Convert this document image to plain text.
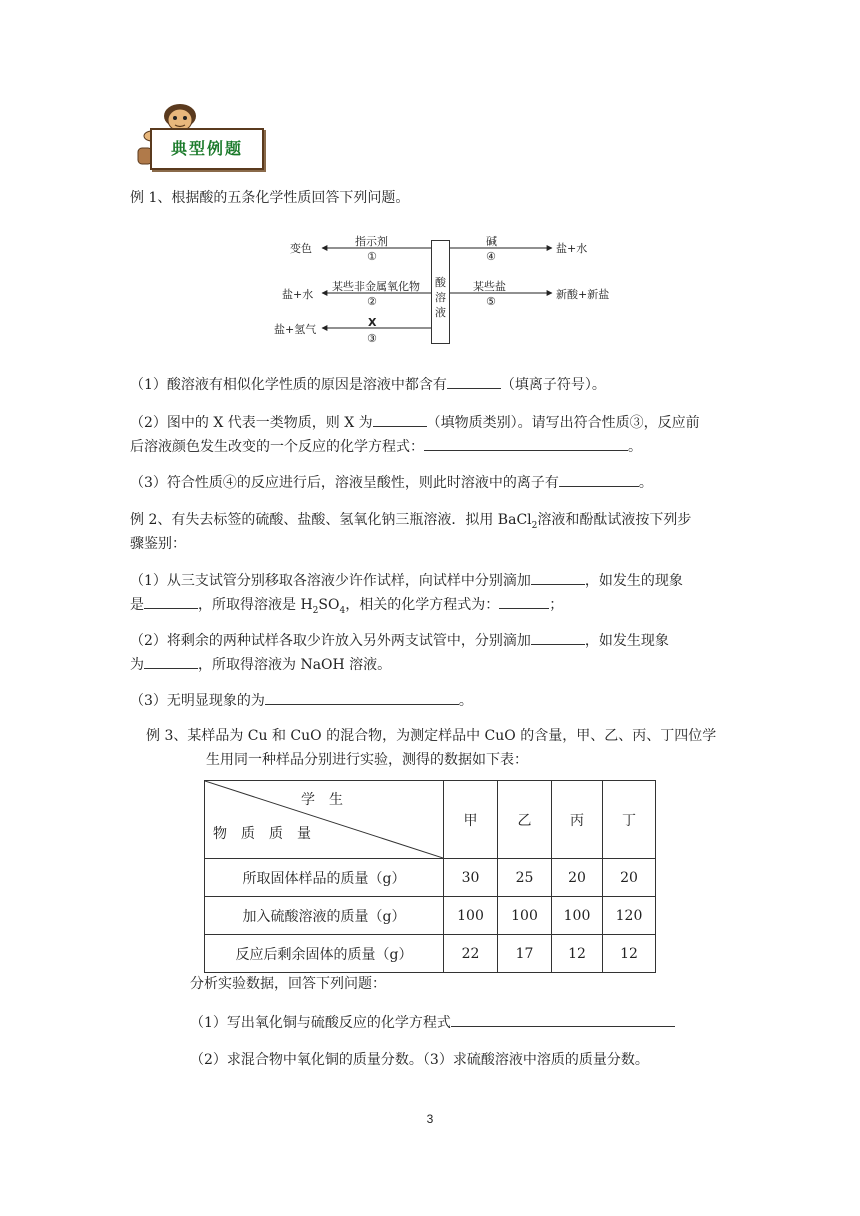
典型例题
例 1、根据酸的五条化学性质回答下列问题。
酸
溶
液
变色
指示剂
①
盐+水
某些非金属氧化物
②
盐+氢气
X
③
碱
④
盐+水
某些盐
⑤
新酸+新盐
（1）酸溶液有相似化学性质的原因是溶液中都含有	（填离子符号）。
（2）图中的 X 代表一类物质，则 X 为	（填物质类别）。请写出符合性质③，反应前
后溶液颜色发生改变的一个反应的化学方程式：	。
（3）符合性质④的反应进行后，溶液呈酸性，则此时溶液中的离子有	。
例 2、有失去标签的硫酸、盐酸、氢氧化钠三瓶溶液．拟用 BaCl$_2$溶液和酚酞试液按下列步
骤鉴别：
（1）从三支试管分别移取各溶液少许作试样，向试样中分别滴加	，如发生的现象
是	，所取得溶液是 $H_2SO_4$，相关的化学方程式为：	；
（2）将剩余的两种试样各取少许放入另外两支试管中，分别滴加	，如发生现象
为	，所取得溶液为 NaOH 溶液。
（3）无明显现象的为	。
例 3、某样品为 Cu 和 CuO 的混合物，为测定样品中 CuO 的含量，甲、乙、丙、丁四位学
生用同一种样品分别进行实验，测得的数据如下表：
学　生
物　质　质　量	甲	乙	丙	丁
所取固体样品的质量（g）	30	25	20	20
加入硫酸溶液的质量（g）	100	100	100	120
反应后剩余固体的质量（g）	22	17	12	12
分析实验数据，回答下列问题：
（1）写出氧化铜与硫酸反应的化学方程式
（2）求混合物中氧化铜的质量分数。（3）求硫酸溶液中溶质的质量分数。
3
